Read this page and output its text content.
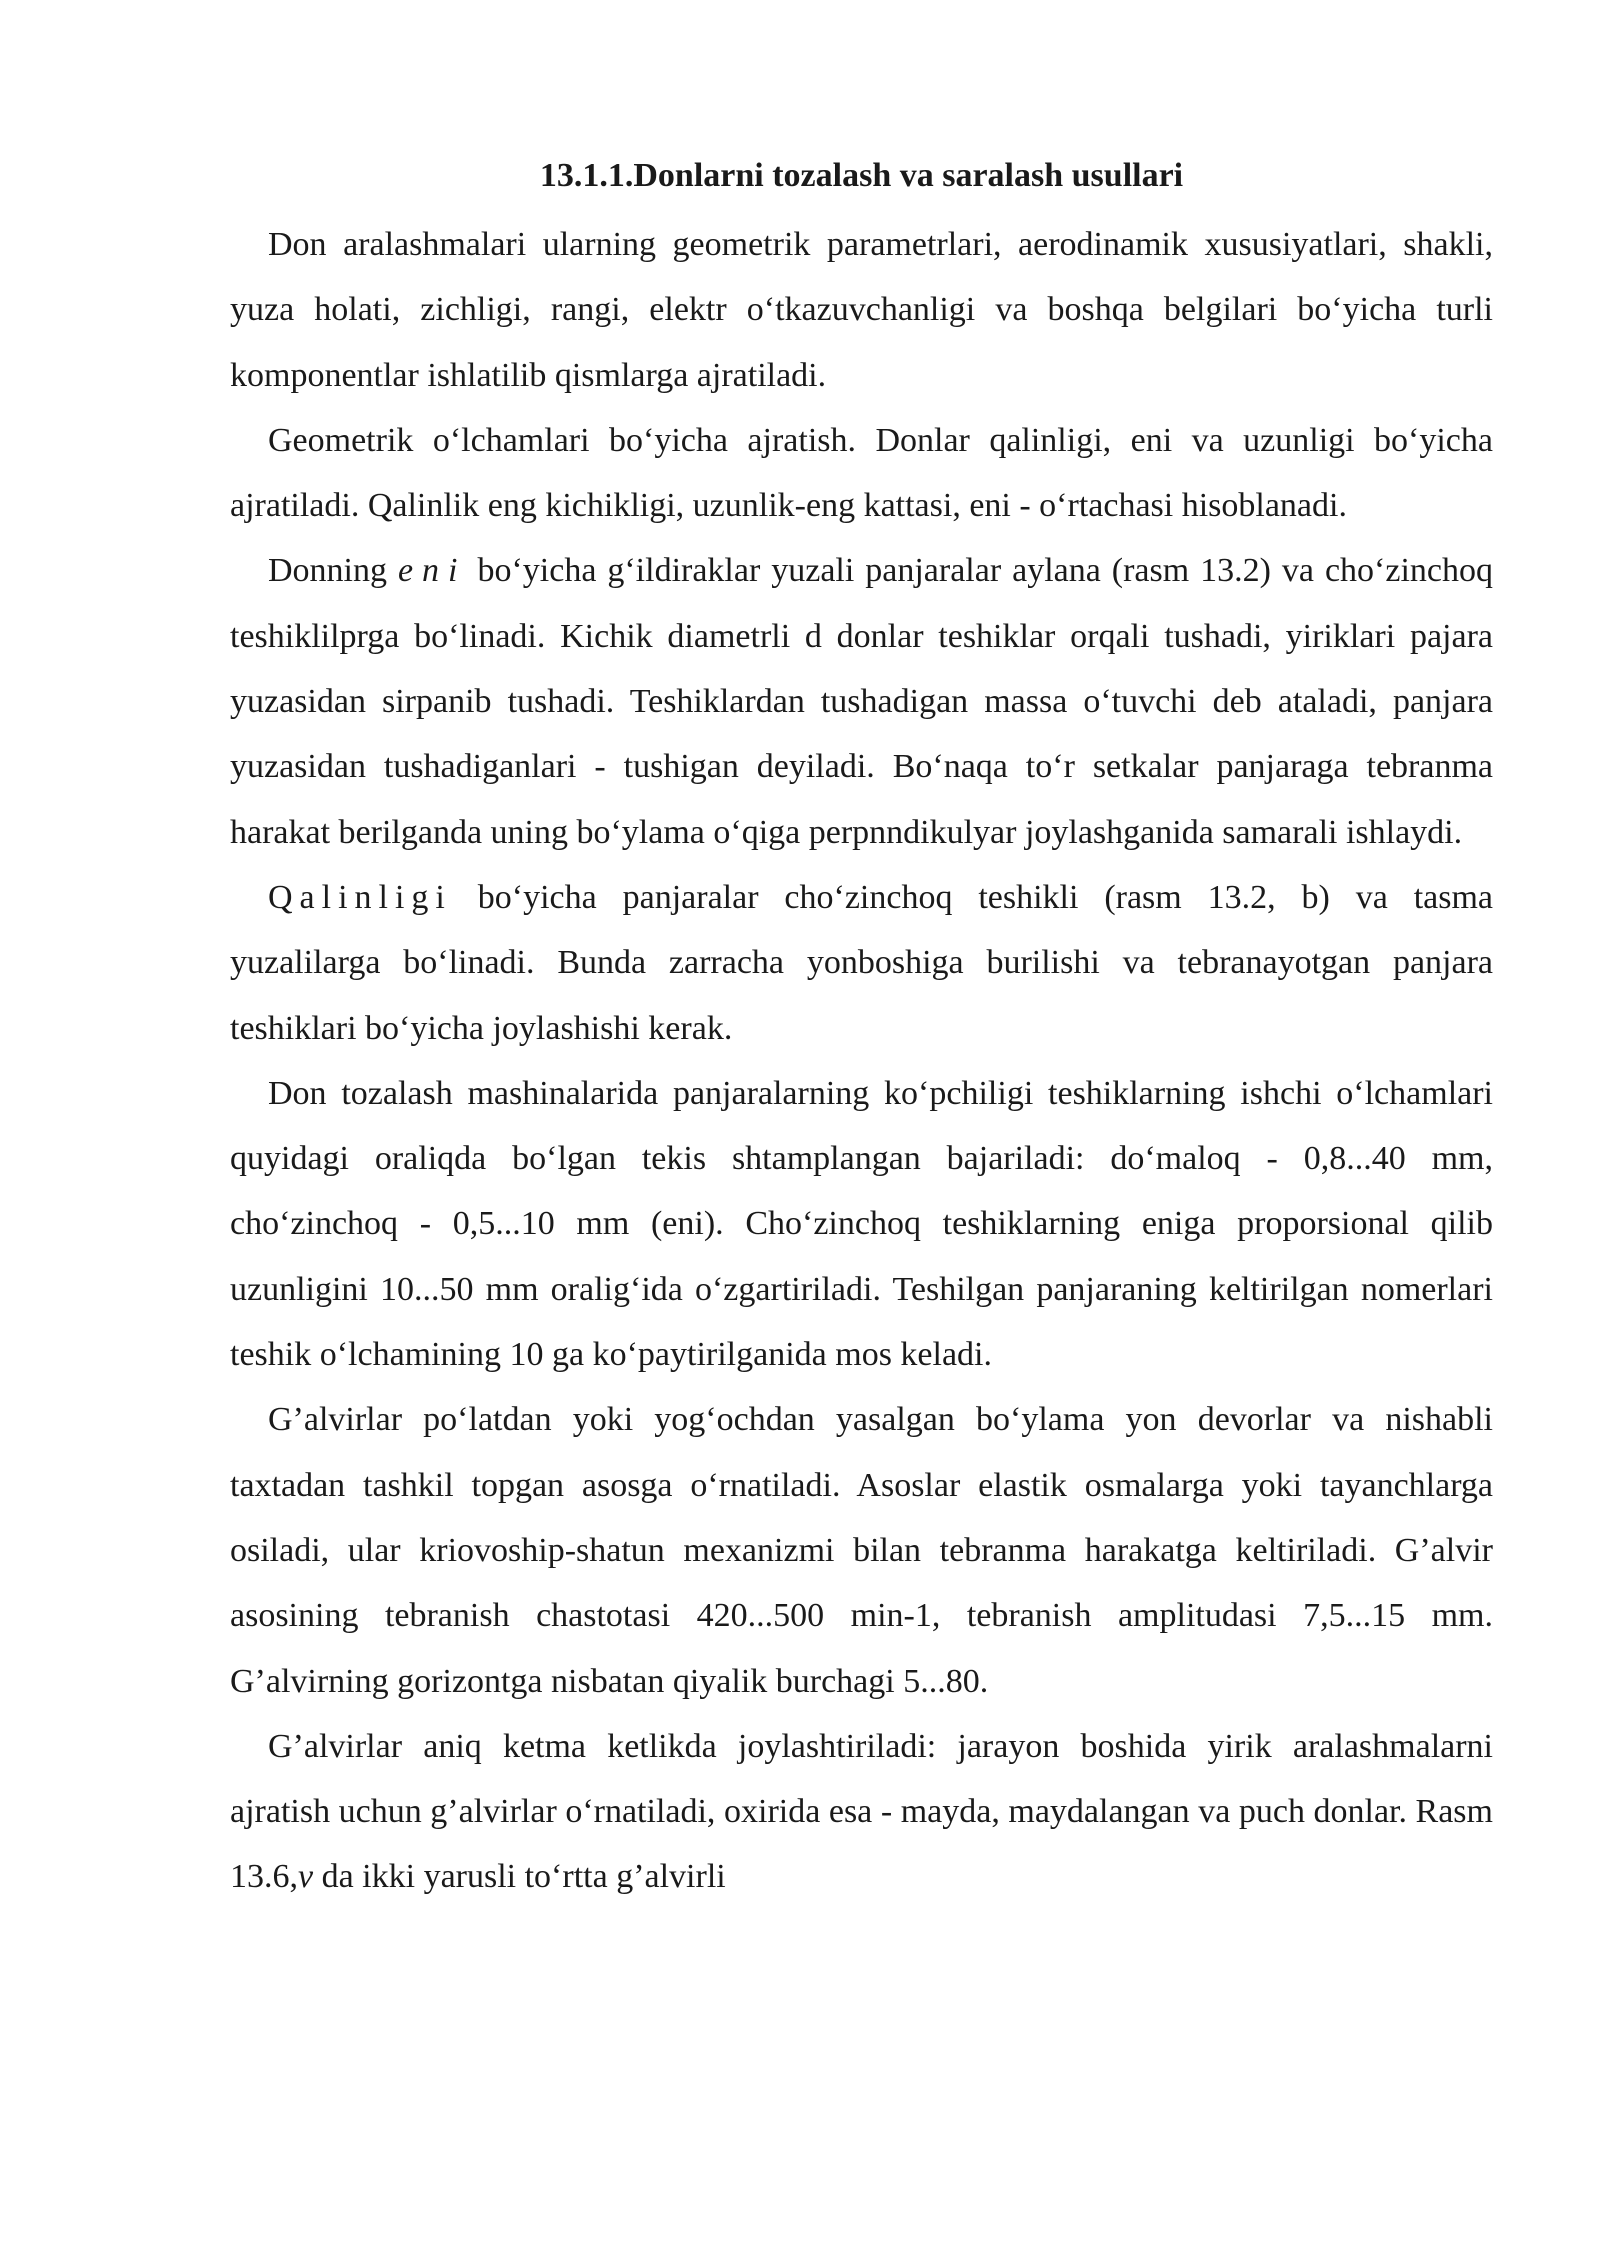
13.1.1.Donlarni tozalash va saralash usullari

Don aralashmalari ularning geometrik parametrlari, aerodinamik xususiyatlari, shakli, yuza holati, zichligi, rangi, elektr o‘tkazuvchanligi va boshqa belgilari bo‘yicha turli komponentlar ishlatilib qismlarga ajratiladi.

Geometrik o‘lchamlari bo‘yicha ajratish. Donlar qalinligi, eni va uzunligi bo‘yicha ajratiladi. Qalinlik eng kichikligi, uzunlik-eng kattasi, eni - o‘rtachasi hisoblanadi.

Donning eni bo‘yicha g‘ildiraklar yuzali panjaralar aylana (rasm 13.2) va cho‘zinchoq teshiklilprga bo‘linadi. Kichik diametrli d donlar teshiklar orqali tushadi, yiriklari pajara yuzasidan sirpanib tushadi. Teshiklardan tushadigan massa o‘tuvchi deb ataladi, panjara yuzasidan tushadiganlari - tushigan deyiladi. Bo‘naqa to‘r setkalar panjaraga tebranma harakat berilganda uning bo‘ylama o‘qiga perpnndikulyar joylashganida samarali ishlaydi.

Qalinligi bo‘yicha panjaralar cho‘zinchoq teshikli (rasm 13.2, b) va tasma yuzalilarga bo‘linadi. Bunda zarracha yonboshiga burilishi va tebranayotgan panjara teshiklari bo‘yicha joylashishi kerak.

Don tozalash mashinalarida panjaralarning ko‘pchiligi teshiklarning ishchi o‘lchamlari quyidagi oraliqda bo‘lgan tekis shtamplangan bajariladi: do‘maloq - 0,8...40 mm, cho‘zinchoq - 0,5...10 mm (eni). Cho‘zinchoq teshiklarning eniga proporsional qilib uzunligini 10...50 mm oralig‘ida o‘zgartiriladi. Teshilgan panjaraning keltirilgan nomerlari teshik o‘lchamining 10 ga ko‘paytirilganida mos keladi.

G’alvirlar po‘latdan yoki yog‘ochdan yasalgan bo‘ylama yon devorlar va nishabli taxtadan tashkil topgan asosga o‘rnatiladi. Asoslar elastik osmalarga yoki tayanchlarga osiladi, ular kriovoship-shatun mexanizmi bilan tebranma harakatga keltiriladi. G’alvir asosining tebranish chastotasi 420...500 min-1, tebranish amplitudasi 7,5...15 mm. G’alvirning gorizontga nisbatan qiyalik burchagi 5...80.

G’alvirlar aniq ketma ketlikda joylashtiriladi: jarayon boshida yirik aralashmalarni ajratish uchun g’alvirlar o‘rnatiladi, oxirida esa - mayda, maydalangan va puch donlar. Rasm 13.6,v da ikki yarusli to‘rtta g’alvirli
